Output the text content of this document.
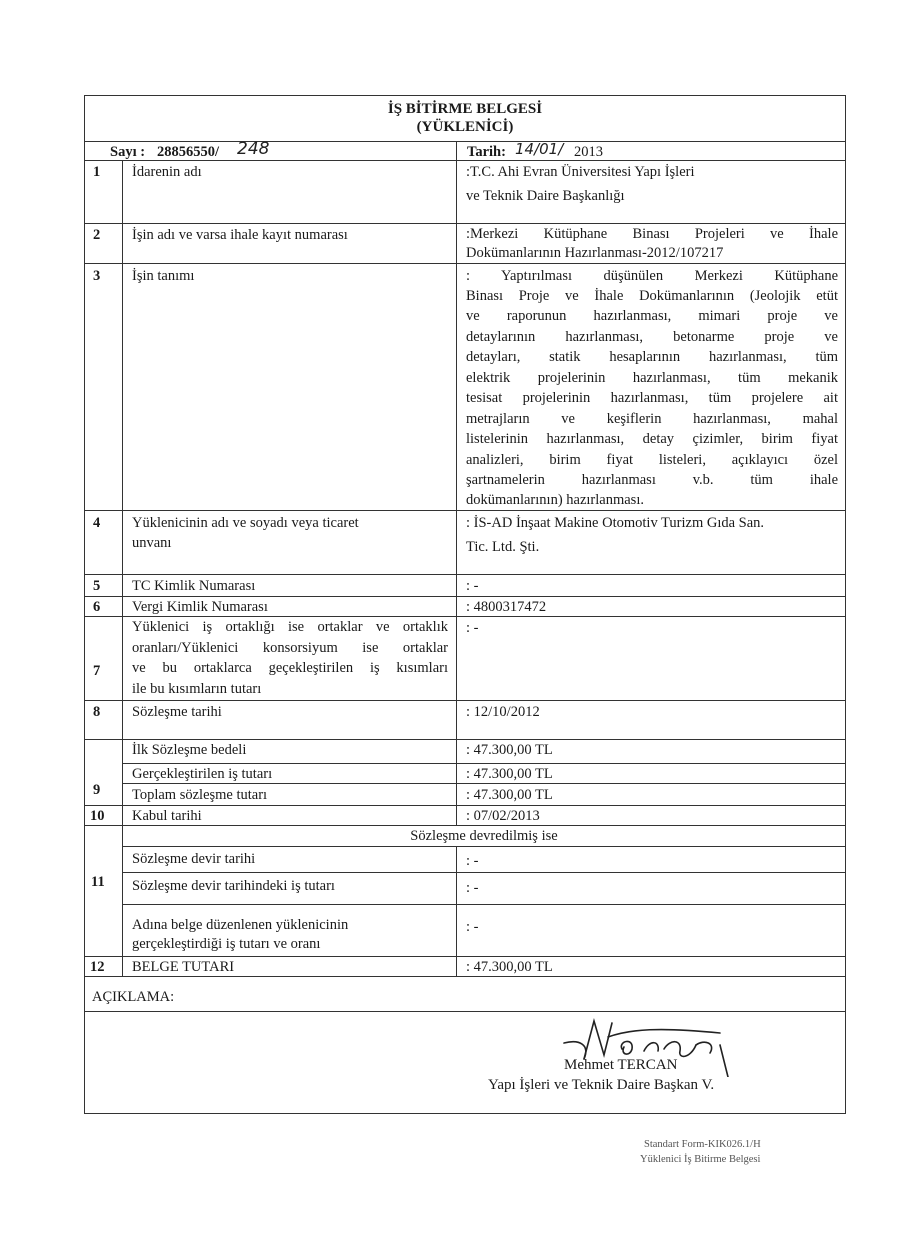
İŞ BİTİRME BELGESİ
(YÜKLENİCİ)
Sayı : 28856550/ 248	Tarih: 14/01/ 2013
1 İdarenin adı	:T.C. Ahi Evran Üniversitesi Yapı İşleri
ve Teknik Daire Başkanlığı
2 İşin adı ve varsa ihale kayıt numarası	:Merkezi Kütüphane Binası Projeleri ve İhale
Dokümanlarının Hazırlanması-2012/107217
3 İşin tanımı	: Yaptırılması düşünülen Merkezi Kütüphane
Binası Proje ve İhale Dokümanlarının (Jeolojik etüt
ve raporunun hazırlanması, mimari proje ve
detaylarının hazırlanması, betonarme proje ve
detayları, statik hesaplarının hazırlanması, tüm
elektrik projelerinin hazırlanması, tüm mekanik
tesisat projelerinin hazırlanması, tüm projelere ait
metrajların ve keşiflerin hazırlanması, mahal
listelerinin hazırlanması, detay çizimler, birim fiyat
analizleri, birim fiyat listeleri, açıklayıcı özel
şartnamelerin hazırlanması v.b. tüm ihale
dokümanlarının) hazırlanması.
4 Yüklenicinin adı ve soyadı veya ticaret
unvanı
: İS-AD İnşaat Makine Otomotiv Turizm Gıda San.
Tic. Ltd. Şti.
5 TC Kimlik Numarası	: -
6 Vergi Kimlik Numarası	: 4800317472
7
Yüklenici iş ortaklığı ise ortaklar ve ortaklık
oranları/Yüklenici konsorsiyum ise ortaklar
ve bu ortaklarca geçekleştirilen iş kısımları
ile bu kısımların tutarı
: -
8 Sözleşme tarihi	: 12/10/2012
9
İlk Sözleşme bedeli	: 47.300,00 TL
Gerçekleştirilen iş tutarı	: 47.300,00 TL
Toplam sözleşme tutarı	: 47.300,00 TL
10 Kabul tarihi	: 07/02/2013
Sözleşme devredilmiş ise
11
Sözleşme devir tarihi	: -
Sözleşme devir tarihindeki iş tutarı	: -
Adına belge düzenlenen yüklenicinin
gerçekleştirdiği iş tutarı ve oranı
: -
12 BELGE TUTARI	: 47.300,00 TL
AÇIKLAMA:
Mehmet TERCAN
Yapı İşleri ve Teknik Daire Başkan V.
Standart Form-KIK026.1/H
Yüklenici İş Bitirme Belgesi
